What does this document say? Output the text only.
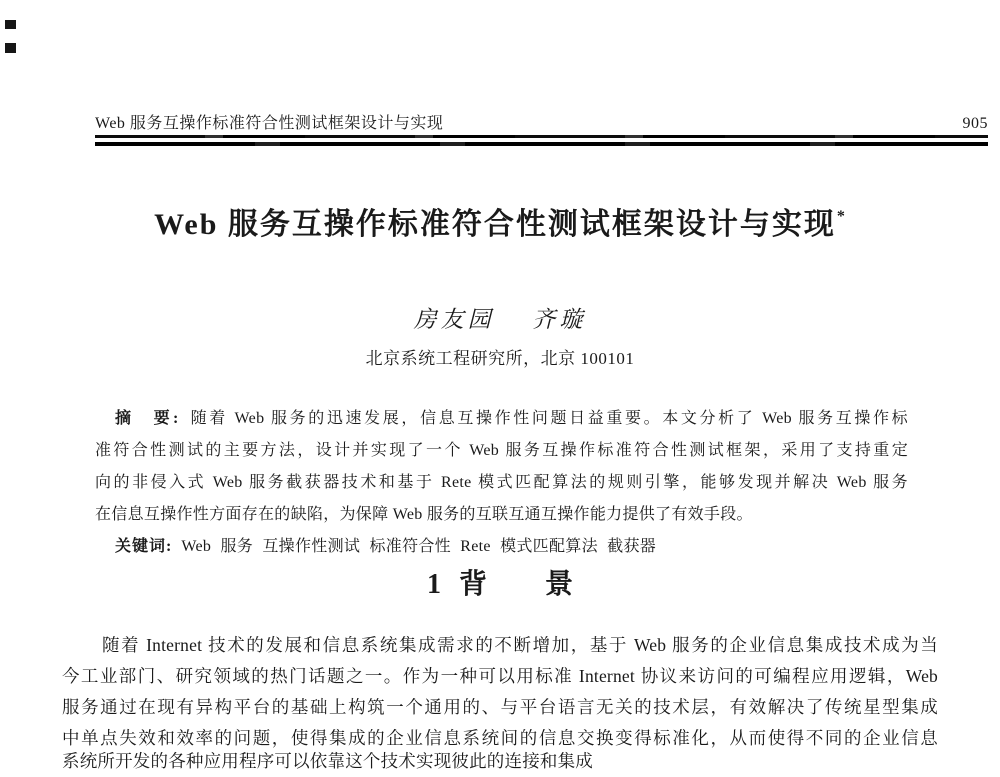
Web 服务互操作标准符合性测试框架设计与实现	905
Web 服务互操作标准符合性测试框架设计与实现*
房友园 齐璇
北京系统工程研究所，北京 100101
摘　要: 随着 Web 服务的迅速发展，信息互操作性问题日益重要。本文分析了 Web 服务互操作标
准符合性测试的主要方法，设计并实现了一个 Web 服务互操作标准符合性测试框架，采用了支持重定
向的非侵入式 Web 服务截获器技术和基于 Rete 模式匹配算法的规则引擎，能够发现并解决 Web 服务
在信息互操作性方面存在的缺陷，为保障 Web 服务的互联互通互操作能力提供了有效手段。
关键词: Web 服务 互操作性测试 标准符合性 Rete 模式匹配算法 截获器
1 背 景
随着 Internet 技术的发展和信息系统集成需求的不断增加，基于 Web 服务的企业信息集成技术成为当
今工业部门、研究领域的热门话题之一。作为一种可以用标准 Internet 协议来访问的可编程应用逻辑，Web
服务通过在现有异构平台的基础上构筑一个通用的、与平台语言无关的技术层，有效解决了传统星型集成
中单点失效和效率的问题，使得集成的企业信息系统间的信息交换变得标准化，从而使得不同的企业信息
系统所开发的各种应用程序可以依靠这个技术实现彼此的连接和集成
